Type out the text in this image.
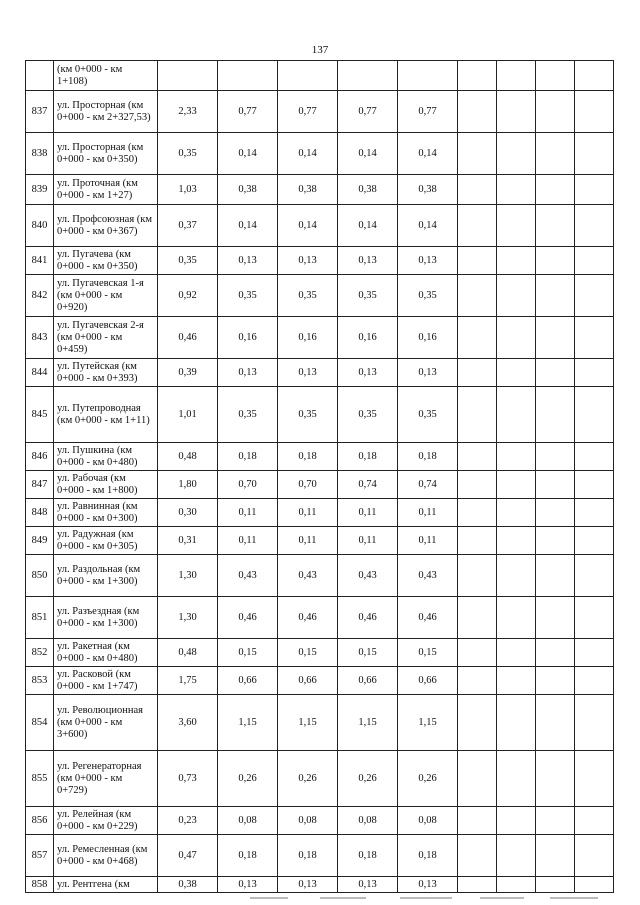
137
	(км 0+000 - км 1+108)									
837	ул. Просторная (км 0+000 - км 2+327,53)	2,33	0,77	0,77	0,77	0,77				
838	ул. Просторная (км 0+000 - км 0+350)	0,35	0,14	0,14	0,14	0,14				
839	ул. Проточная (км 0+000 - км 1+27)	1,03	0,38	0,38	0,38	0,38				
840	ул. Профсоюзная (км 0+000 - км 0+367)	0,37	0,14	0,14	0,14	0,14				
841	ул. Пугачева (км 0+000 - км 0+350)	0,35	0,13	0,13	0,13	0,13				
842	ул. Пугачевская 1-я (км 0+000 - км 0+920)	0,92	0,35	0,35	0,35	0,35				
843	ул. Пугачевская 2-я (км 0+000 - км 0+459)	0,46	0,16	0,16	0,16	0,16				
844	ул. Путейская (км 0+000 - км 0+393)	0,39	0,13	0,13	0,13	0,13				
845	ул. Путепроводная (км 0+000 - км 1+11)	1,01	0,35	0,35	0,35	0,35				
846	ул. Пушкина (км 0+000 - км 0+480)	0,48	0,18	0,18	0,18	0,18				
847	ул. Рабочая (км 0+000 - км 1+800)	1,80	0,70	0,70	0,74	0,74				
848	ул. Равнинная (км 0+000 - км 0+300)	0,30	0,11	0,11	0,11	0,11				
849	ул. Радужная (км 0+000 - км 0+305)	0,31	0,11	0,11	0,11	0,11				
850	ул. Раздольная (км 0+000 - км 1+300)	1,30	0,43	0,43	0,43	0,43				
851	ул. Разъездная (км 0+000 - км 1+300)	1,30	0,46	0,46	0,46	0,46				
852	ул. Ракетная (км 0+000 - км 0+480)	0,48	0,15	0,15	0,15	0,15				
853	ул. Расковой (км 0+000 - км 1+747)	1,75	0,66	0,66	0,66	0,66				
854	ул. Революционная (км 0+000 - км 3+600)	3,60	1,15	1,15	1,15	1,15				
855	ул. Регенераторная (км 0+000 - км 0+729)	0,73	0,26	0,26	0,26	0,26				
856	ул. Релейная (км 0+000 - км 0+229)	0,23	0,08	0,08	0,08	0,08				
857	ул. Ремесленная (км 0+000 - км 0+468)	0,47	0,18	0,18	0,18	0,18				
858	ул. Рентгена (км	0,38	0,13	0,13	0,13	0,13				
